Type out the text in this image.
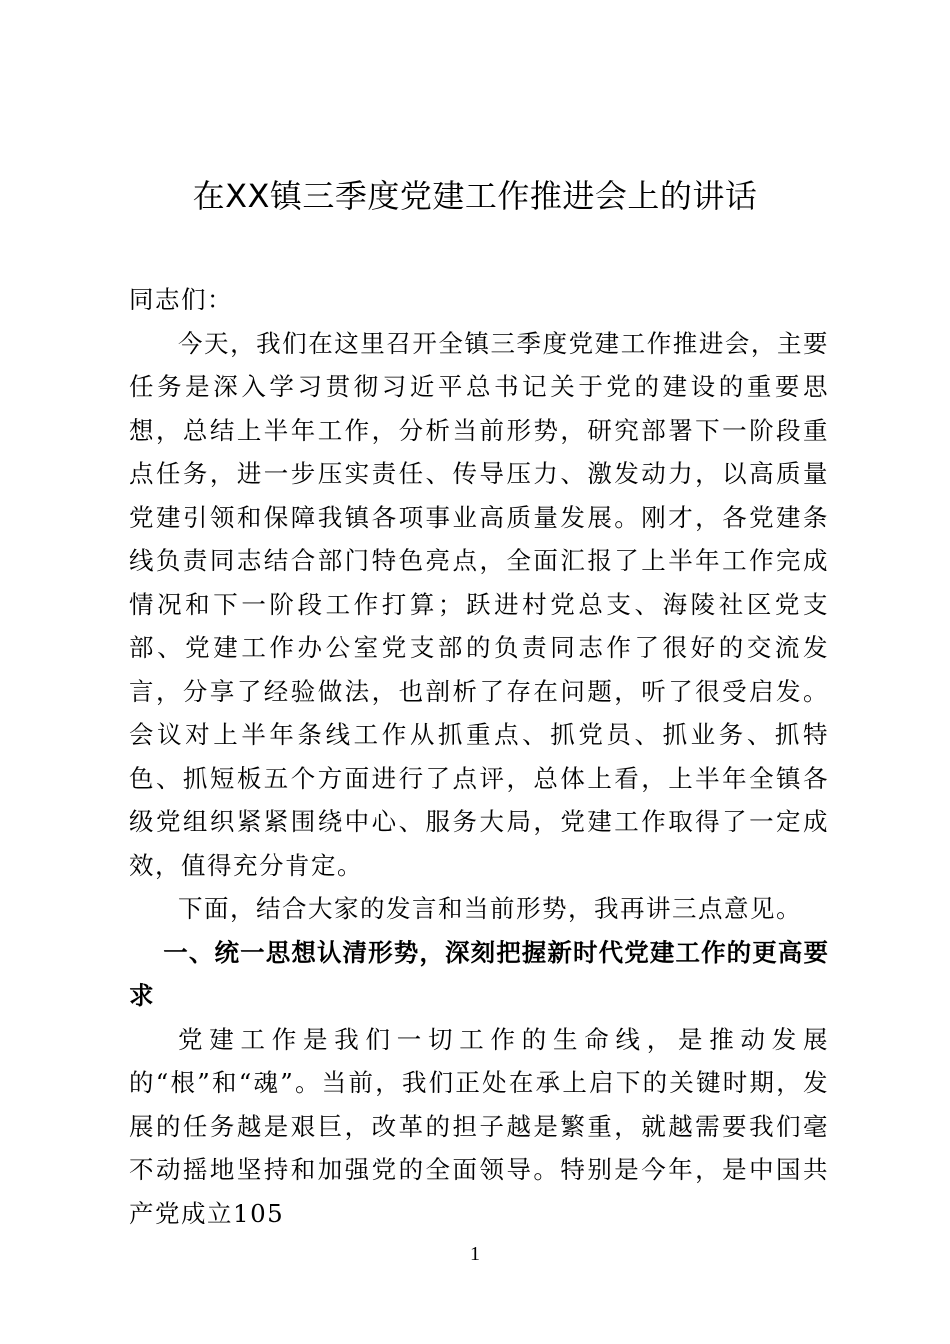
在XX镇三季度党建工作推进会上的讲话

同志们：

今天，我们在这里召开全镇三季度党建工作推进会，主要任务是深入学习贯彻习近平总书记关于党的建设的重要思想，总结上半年工作，分析当前形势，研究部署下一阶段重点任务，进一步压实责任、传导压力、激发动力，以高质量党建引领和保障我镇各项事业高质量发展。刚才，各党建条线负责同志结合部门特色亮点，全面汇报了上半年工作完成情况和下一阶段工作打算；跃进村党总支、海陵社区党支部、党建工作办公室党支部的负责同志作了很好的交流发言，分享了经验做法，也剖析了存在问题，听了很受启发。会议对上半年条线工作从抓重点、抓党员、抓业务、抓特色、抓短板五个方面进行了点评，总体上看，上半年全镇各级党组织紧紧围绕中心、服务大局，党建工作取得了一定成效，值得充分肯定。

下面，结合大家的发言和当前形势，我再讲三点意见。

一、统一思想认清形势，深刻把握新时代党建工作的更高要求

党建工作是我们一切工作的生命线，是推动发展的“根”和“魂”。当前，我们正处在承上启下的关键时期，发展的任务越是艰巨，改革的担子越是繁重，就越需要我们毫不动摇地坚持和加强党的全面领导。特别是今年，是中国共产党成立105

1
